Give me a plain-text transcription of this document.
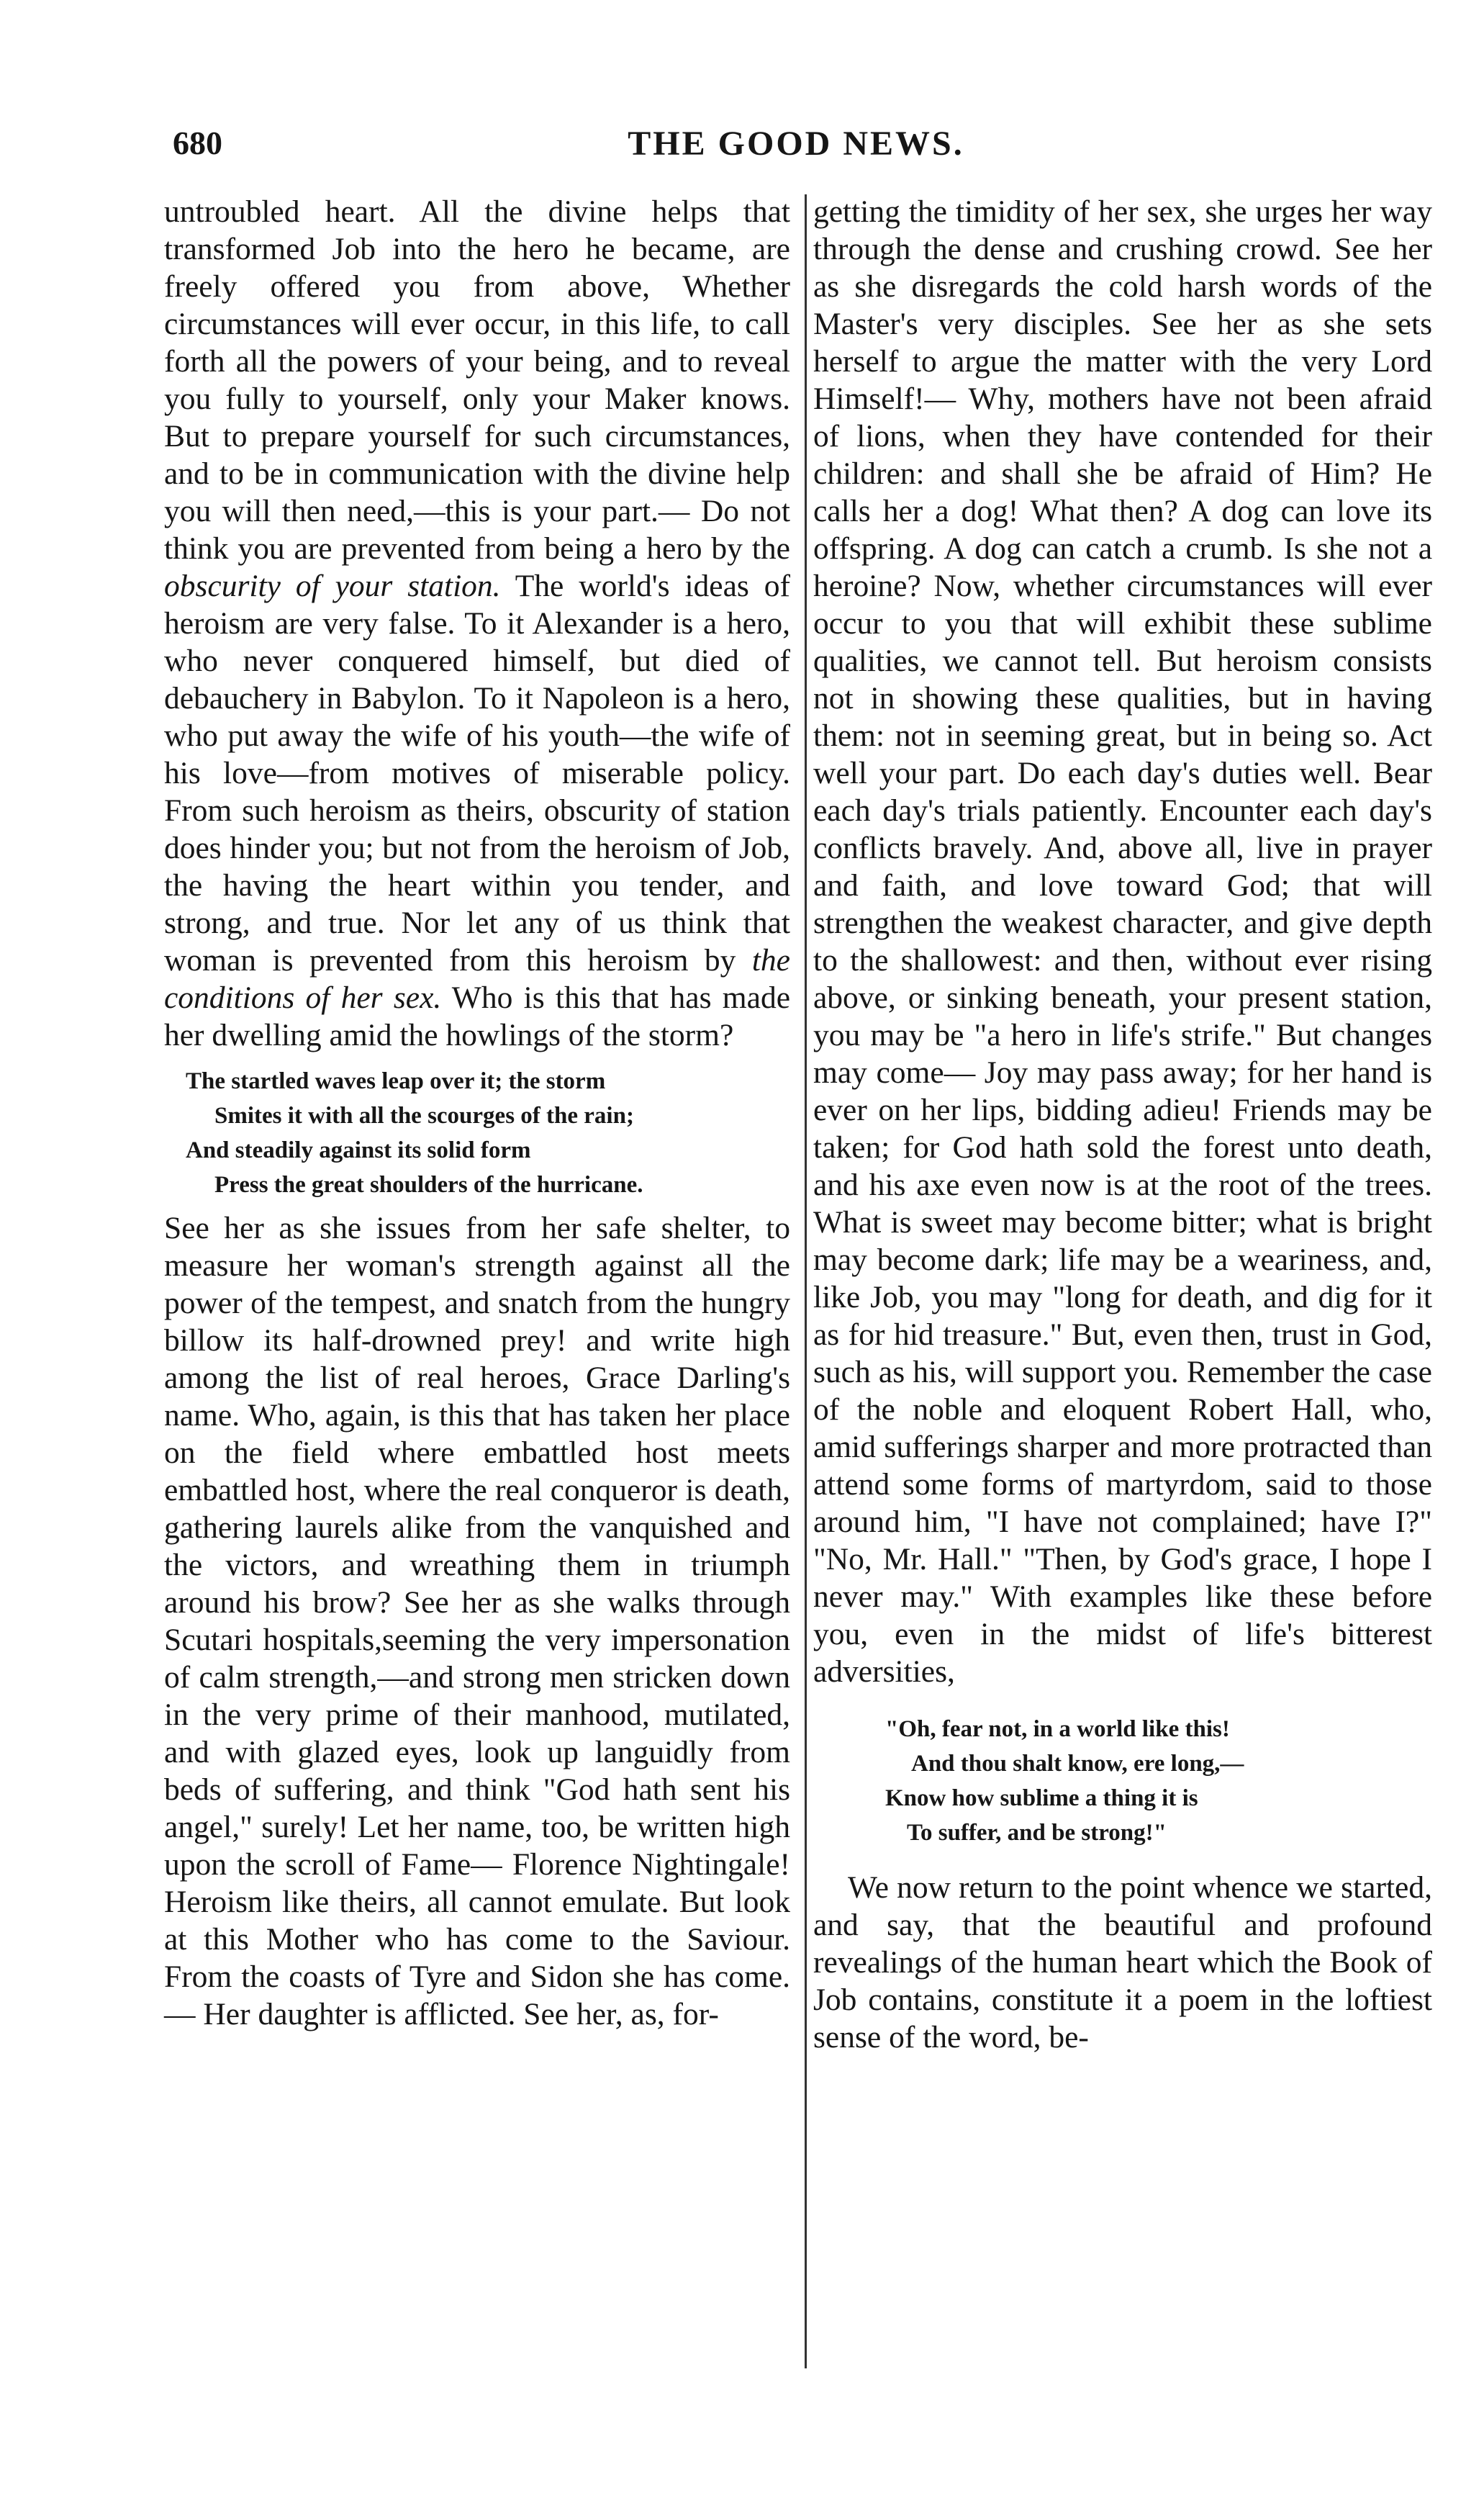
680	THE GOOD NEWS.

untroubled heart. All the divine helps that transformed Job into the hero he became, are freely offered you from above, Whether circumstances will ever occur, in this life, to call forth all the powers of your being, and to reveal you fully to yourself, only your Maker knows. But to prepare yourself for such circumstances, and to be in communication with the divine help you will then need,—this is your part.— Do not think you are prevented from being a hero by the obscurity of your station. The world's ideas of heroism are very false. To it Alexander is a hero, who never conquered himself, but died of debauchery in Babylon. To it Napoleon is a hero, who put away the wife of his youth—the wife of his love—from motives of miserable policy. From such heroism as theirs, obscurity of station does hinder you; but not from the heroism of Job, the having the heart within you tender, and strong, and true. Nor let any of us think that woman is prevented from this heroism by the conditions of her sex. Who is this that has made her dwelling amid the howlings of the storm?

The startled waves leap over it; the storm
Smites it with all the scourges of the rain;
And steadily against its solid form
Press the great shoulders of the hurricane.

See her as she issues from her safe shelter, to measure her woman's strength against all the power of the tempest, and snatch from the hungry billow its half-drowned prey! and write high among the list of real heroes, Grace Darling's name. Who, again, is this that has taken her place on the field where embattled host meets embattled host, where the real conqueror is death, gathering laurels alike from the vanquished and the victors, and wreathing them in triumph around his brow? See her as she walks through Scutari hospitals,seeming the very impersonation of calm strength,—and strong men stricken down in the very prime of their manhood, mutilated, and with glazed eyes, look up languidly from beds of suffering, and think "God hath sent his angel," surely! Let her name, too, be written high upon the scroll of Fame— Florence Nightingale! Heroism like theirs, all cannot emulate. But look at this Mother who has come to the Saviour. From the coasts of Tyre and Sidon she has come.— Her daughter is afflicted. See her, as, for-

getting the timidity of her sex, she urges her way through the dense and crushing crowd. See her as she disregards the cold harsh words of the Master's very disciples. See her as she sets herself to argue the matter with the very Lord Himself!— Why, mothers have not been afraid of lions, when they have contended for their children: and shall she be afraid of Him? He calls her a dog! What then? A dog can love its offspring. A dog can catch a crumb. Is she not a heroine? Now, whether circumstances will ever occur to you that will exhibit these sublime qualities, we cannot tell. But heroism consists not in showing these qualities, but in having them: not in seeming great, but in being so. Act well your part. Do each day's duties well. Bear each day's trials patiently. Encounter each day's conflicts bravely. And, above all, live in prayer and faith, and love toward God; that will strengthen the weakest character, and give depth to the shallowest: and then, without ever rising above, or sinking beneath, your present station, you may be "a hero in life's strife." But changes may come— Joy may pass away; for her hand is ever on her lips, bidding adieu! Friends may be taken; for God hath sold the forest unto death, and his axe even now is at the root of the trees. What is sweet may become bitter; what is bright may become dark; life may be a weariness, and, like Job, you may "long for death, and dig for it as for hid treasure." But, even then, trust in God, such as his, will support you. Remember the case of the noble and eloquent Robert Hall, who, amid sufferings sharper and more protracted than attend some forms of martyrdom, said to those around him, "I have not complained; have I?" "No, Mr. Hall." "Then, by God's grace, I hope I never may." With examples like these before you, even in the midst of life's bitterest adversities,

"Oh, fear not, in a world like this!
And thou shalt know, ere long,—
Know how sublime a thing it is
To suffer, and be strong!"

We now return to the point whence we started, and say, that the beautiful and profound revealings of the human heart which the Book of Job contains, constitute it a poem in the loftiest sense of the word, be-
